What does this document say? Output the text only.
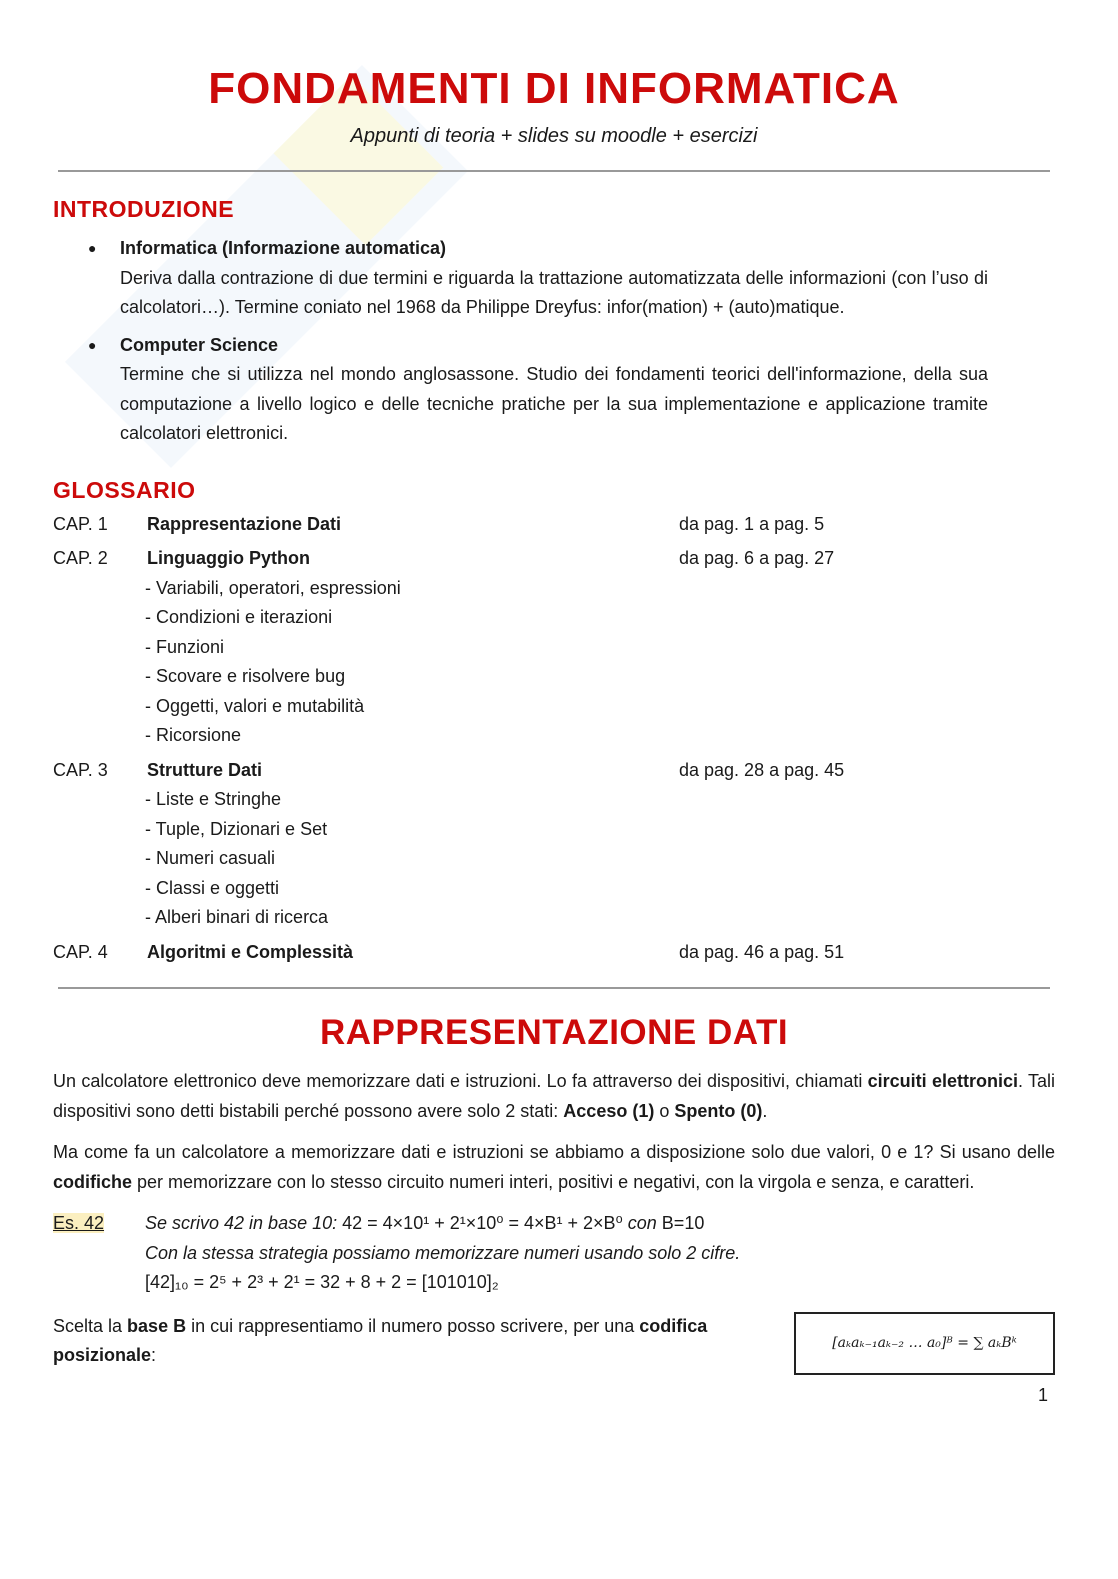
FONDAMENTI DI INFORMATICA
Appunti di teoria + slides su moodle + esercizi
INTRODUZIONE
●	Informatica (Informazione automatica)
Deriva dalla contrazione di due termini e riguarda la trattazione automatizzata delle informazioni (con l’uso di calcolatori…). Termine coniato nel 1968 da Philippe Dreyfus: infor(mation) + (auto)matique.
●	Computer Science
Termine che si utilizza nel mondo anglosassone. Studio dei fondamenti teorici dell'informazione, della sua computazione a livello logico e delle tecniche pratiche per la sua implementazione e applicazione tramite calcolatori elettronici.
GLOSSARIO
CAP. 1	Rappresentazione Dati	da pag. 1 a pag. 5
CAP. 2	Linguaggio Python	da pag. 6 a pag. 27
- Variabili, operatori, espressioni
- Condizioni e iterazioni
- Funzioni
- Scovare e risolvere bug
- Oggetti, valori e mutabilità
- Ricorsione
CAP. 3	Strutture Dati	da pag. 28 a pag. 45
- Liste e Stringhe
- Tuple, Dizionari e Set
- Numeri casuali
- Classi e oggetti
- Alberi binari di ricerca
CAP. 4	Algoritmi e Complessità	da pag. 46 a pag. 51
RAPPRESENTAZIONE DATI
Un calcolatore elettronico deve memorizzare dati e istruzioni. Lo fa attraverso dei dispositivi, chiamati circuiti elettronici. Tali dispositivi sono detti bistabili perché possono avere solo 2 stati: Acceso (1) o Spento (0).
Ma come fa un calcolatore a memorizzare dati e istruzioni se abbiamo a disposizione solo due valori, 0 e 1? Si usano delle codifiche per memorizzare con lo stesso circuito numeri interi, positivi e negativi, con la virgola e senza, e caratteri.
Es. 42	Se scrivo 42 in base 10: 42 = 4×10¹ + 2¹×10⁰ = 4×B¹ + 2×B⁰ con B=10
Con la stessa strategia possiamo memorizzare numeri usando solo 2 cifre.
[42]₁₀ = 2⁵ + 2³ + 2¹ = 32 + 8 + 2 = [101010]₂
Scelta la base B in cui rappresentiamo il numero posso scrivere, per una codifica posizionale:
[aₖaₖ₋₁aₖ₋₂ … a₀]ᴮ = ∑ aₖBᵏ
1
